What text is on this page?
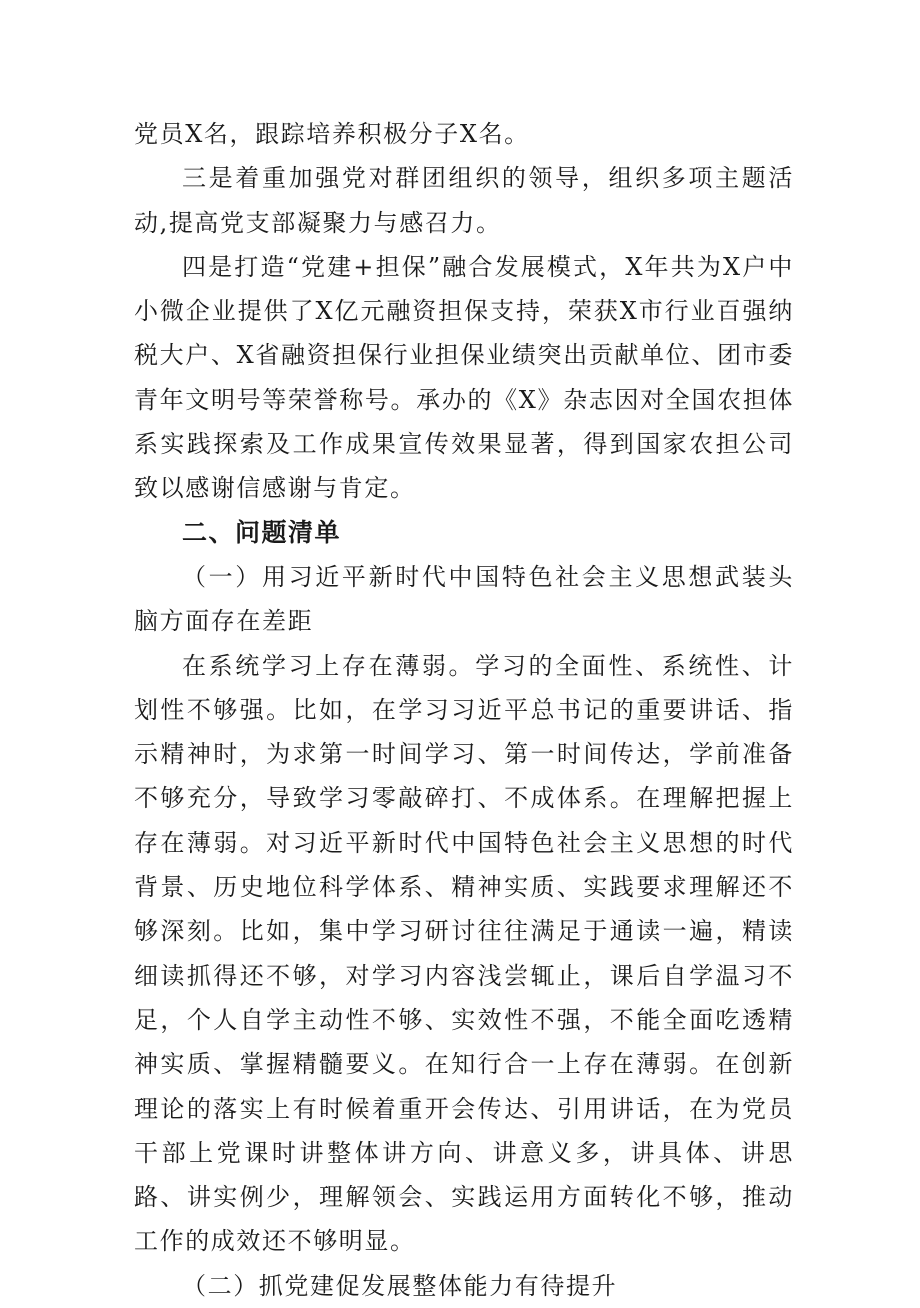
党员X名，跟踪培养积极分子X名。

三是着重加强党对群团组织的领导，组织多项主题活动,提高党支部凝聚力与感召力。

四是打造“党建+担保”融合发展模式，X年共为X户中小微企业提供了X亿元融资担保支持，荣获X市行业百强纳税大户、X省融资担保行业担保业绩突出贡献单位、团市委青年文明号等荣誉称号。承办的《X》杂志因对全国农担体系实践探索及工作成果宣传效果显著，得到国家农担公司致以感谢信感谢与肯定。

二、问题清单

（一）用习近平新时代中国特色社会主义思想武装头脑方面存在差距

在系统学习上存在薄弱。学习的全面性、系统性、计划性不够强。比如，在学习习近平总书记的重要讲话、指示精神时，为求第一时间学习、第一时间传达，学前准备不够充分，导致学习零敲碎打、不成体系。在理解把握上存在薄弱。对习近平新时代中国特色社会主义思想的时代背景、历史地位科学体系、精神实质、实践要求理解还不够深刻。比如，集中学习研讨往往满足于通读一遍，精读细读抓得还不够，对学习内容浅尝辄止，课后自学温习不足，个人自学主动性不够、实效性不强，不能全面吃透精神实质、掌握精髓要义。在知行合一上存在薄弱。在创新理论的落实上有时候着重开会传达、引用讲话，在为党员干部上党课时讲整体讲方向、讲意义多，讲具体、讲思路、讲实例少，理解领会、实践运用方面转化不够，推动工作的成效还不够明显。

（二）抓党建促发展整体能力有待提升
